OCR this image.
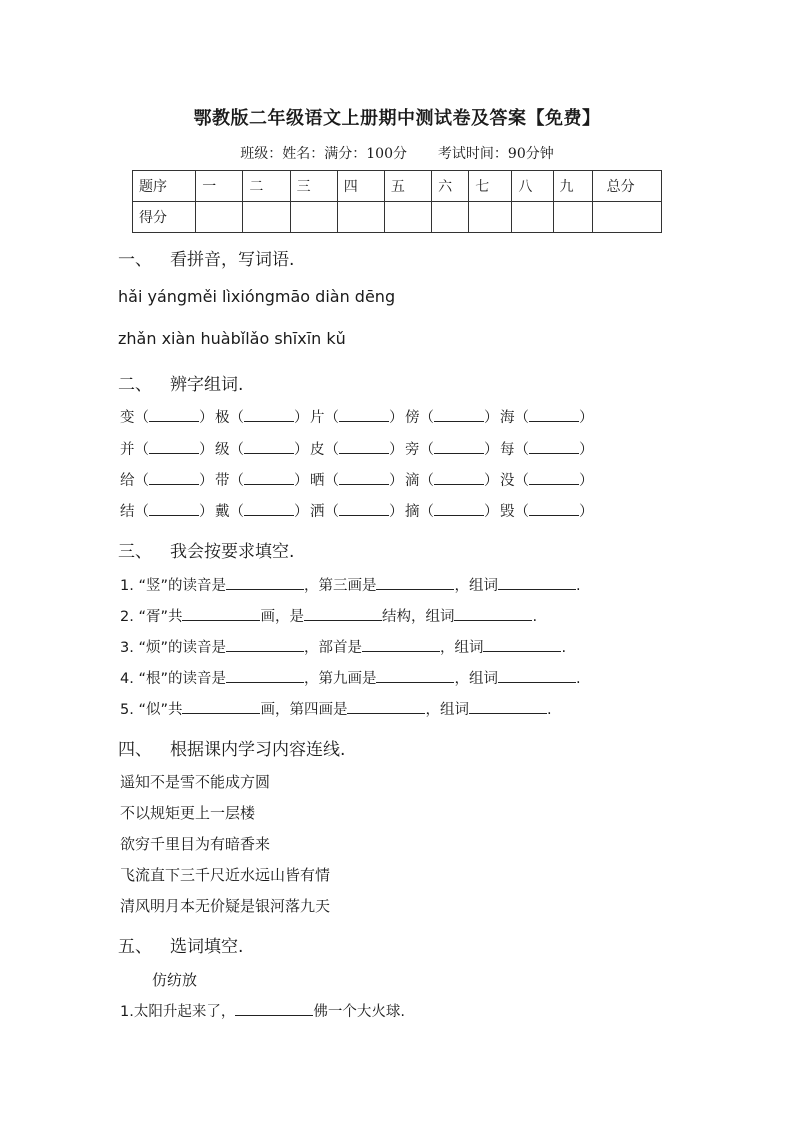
鄂教版二年级语文上册期中测试卷及答案【免费】
班级：姓名：满分：100分 考试时间：90分钟
题序	一	二	三	四	五	六	七	八	九	总分
得分										
一、 看拼音，写词语.
hǎi yángměi lìxióngmāo diàn dēng
zhǎn xiàn huàbǐlǎo shīxīn kǔ
二、 辨字组词.
变（	） 极（	） 片（	） 傍（	） 海（	）
并（	） 级（	） 皮（	） 旁（	） 每（	）
给（	） 带（	） 晒（	） 滴（	） 没（	）
结（	） 戴（	） 洒（	） 摘（	） 毁（	）
三、 我会按要求填空.
1. “竖”的读音是	，第三画是	，组词	.
2. “胥”共	画，是	结构，组词	.
3. “烦”的读音是	，部首是	，组词	.
4. “根”的读音是	，第九画是	，组词	.
5. “似”共	画，第四画是	，组词	.
四、 根据课内学习内容连线.
遥知不是雪不能成方圆
不以规矩更上一层楼
欲穷千里目为有暗香来
飞流直下三千尺近水远山皆有情
清风明月本无价疑是银河落九天
五、 选词填空.
仿纺放
1.太阳升起来了，	佛一个大火球.
